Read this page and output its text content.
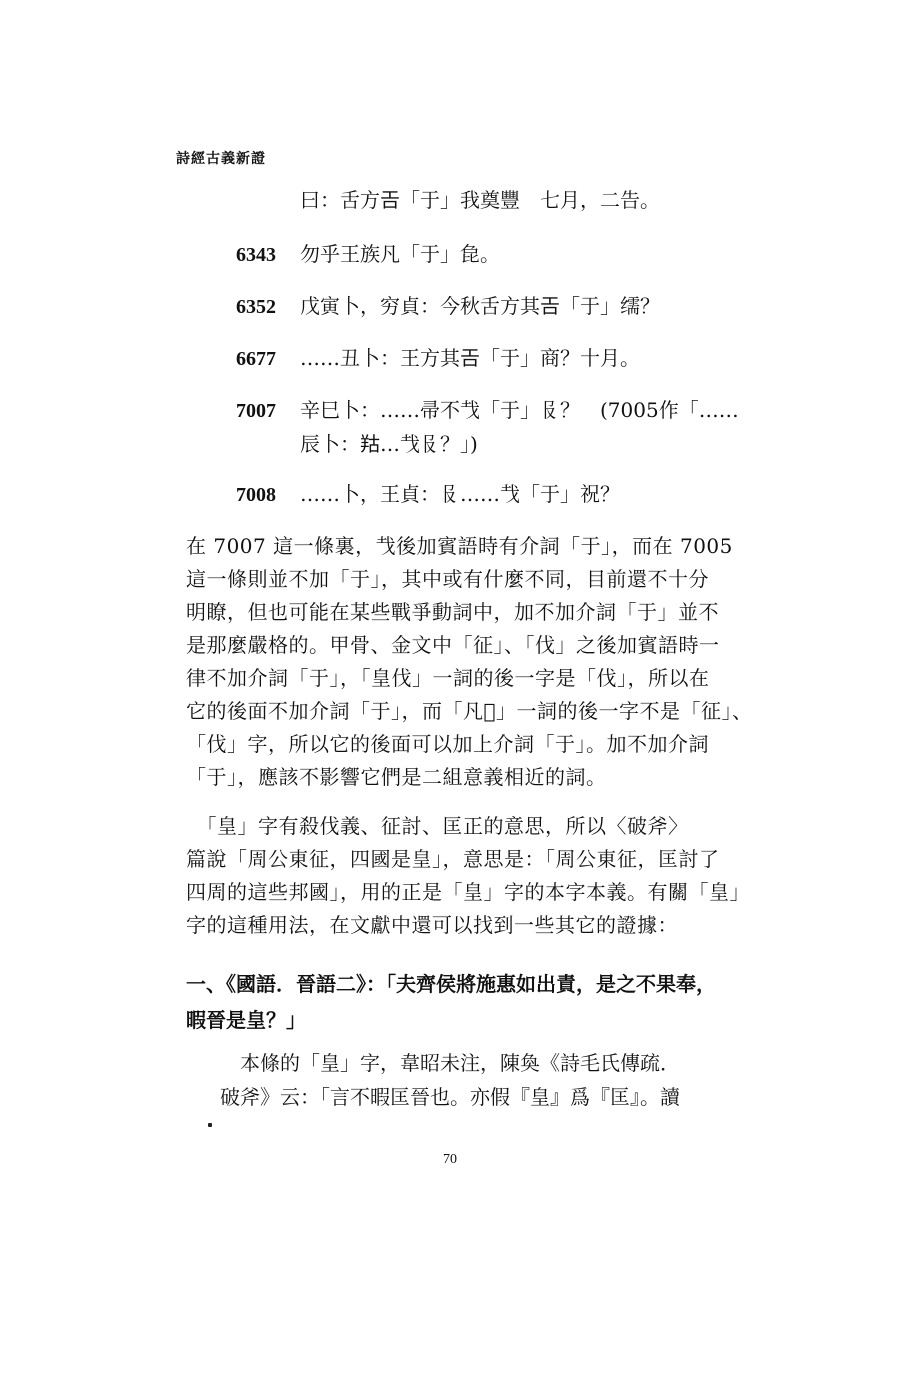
詩經古義新證
曰：舌方𢀛「于」我奠豐　七月，二告。
6343 勿乎王族凡「于」㲋。
6352 戊寅卜，穷貞：今秋舌方其𢀛「于」𦈡？
6677 ……丑卜：王方其𢀛「于」商？十月。
7007 辛巳卜：……帚不𢦏「于」𠬝？　(7005作「……
辰卜：𦍩…𢦏𠬝？」)
7008 ……卜，王貞：𠬝……𢦏「于」祝？
在 7007 這一條裏，𢦏後加賓語時有介詞「于」，而在 7005
這一條則並不加「于」，其中或有什麼不同，目前還不十分
明瞭，但也可能在某些戰爭動詞中，加不加介詞「于」並不
是那麼嚴格的。甲骨、金文中「征」、「伐」之後加賓語時一
律不加介詞「于」，「皇伐」一詞的後一字是「伐」，所以在
它的後面不加介詞「于」，而「凡𢁋」一詞的後一字不是「征」、
「伐」字，所以它的後面可以加上介詞「于」。加不加介詞
「于」，應該不影響它們是二組意義相近的詞。
　「皇」字有殺伐義、征討、匡正的意思，所以〈破斧〉
篇說「周公東征，四國是皇」，意思是：「周公東征，匡討了
四周的這些邦國」，用的正是「皇」字的本字本義。有關「皇」
字的這種用法，在文獻中還可以找到一些其它的證據：
一、《國語．晉語二》：「夫齊侯將施惠如出責，是之不果奉，
暇晉是皇？」
　本條的「皇」字，韋昭未注，陳奐《詩毛氏傳疏．
破斧》云：「言不暇匡晉也。亦假『皇』爲『匡』。讀
70
